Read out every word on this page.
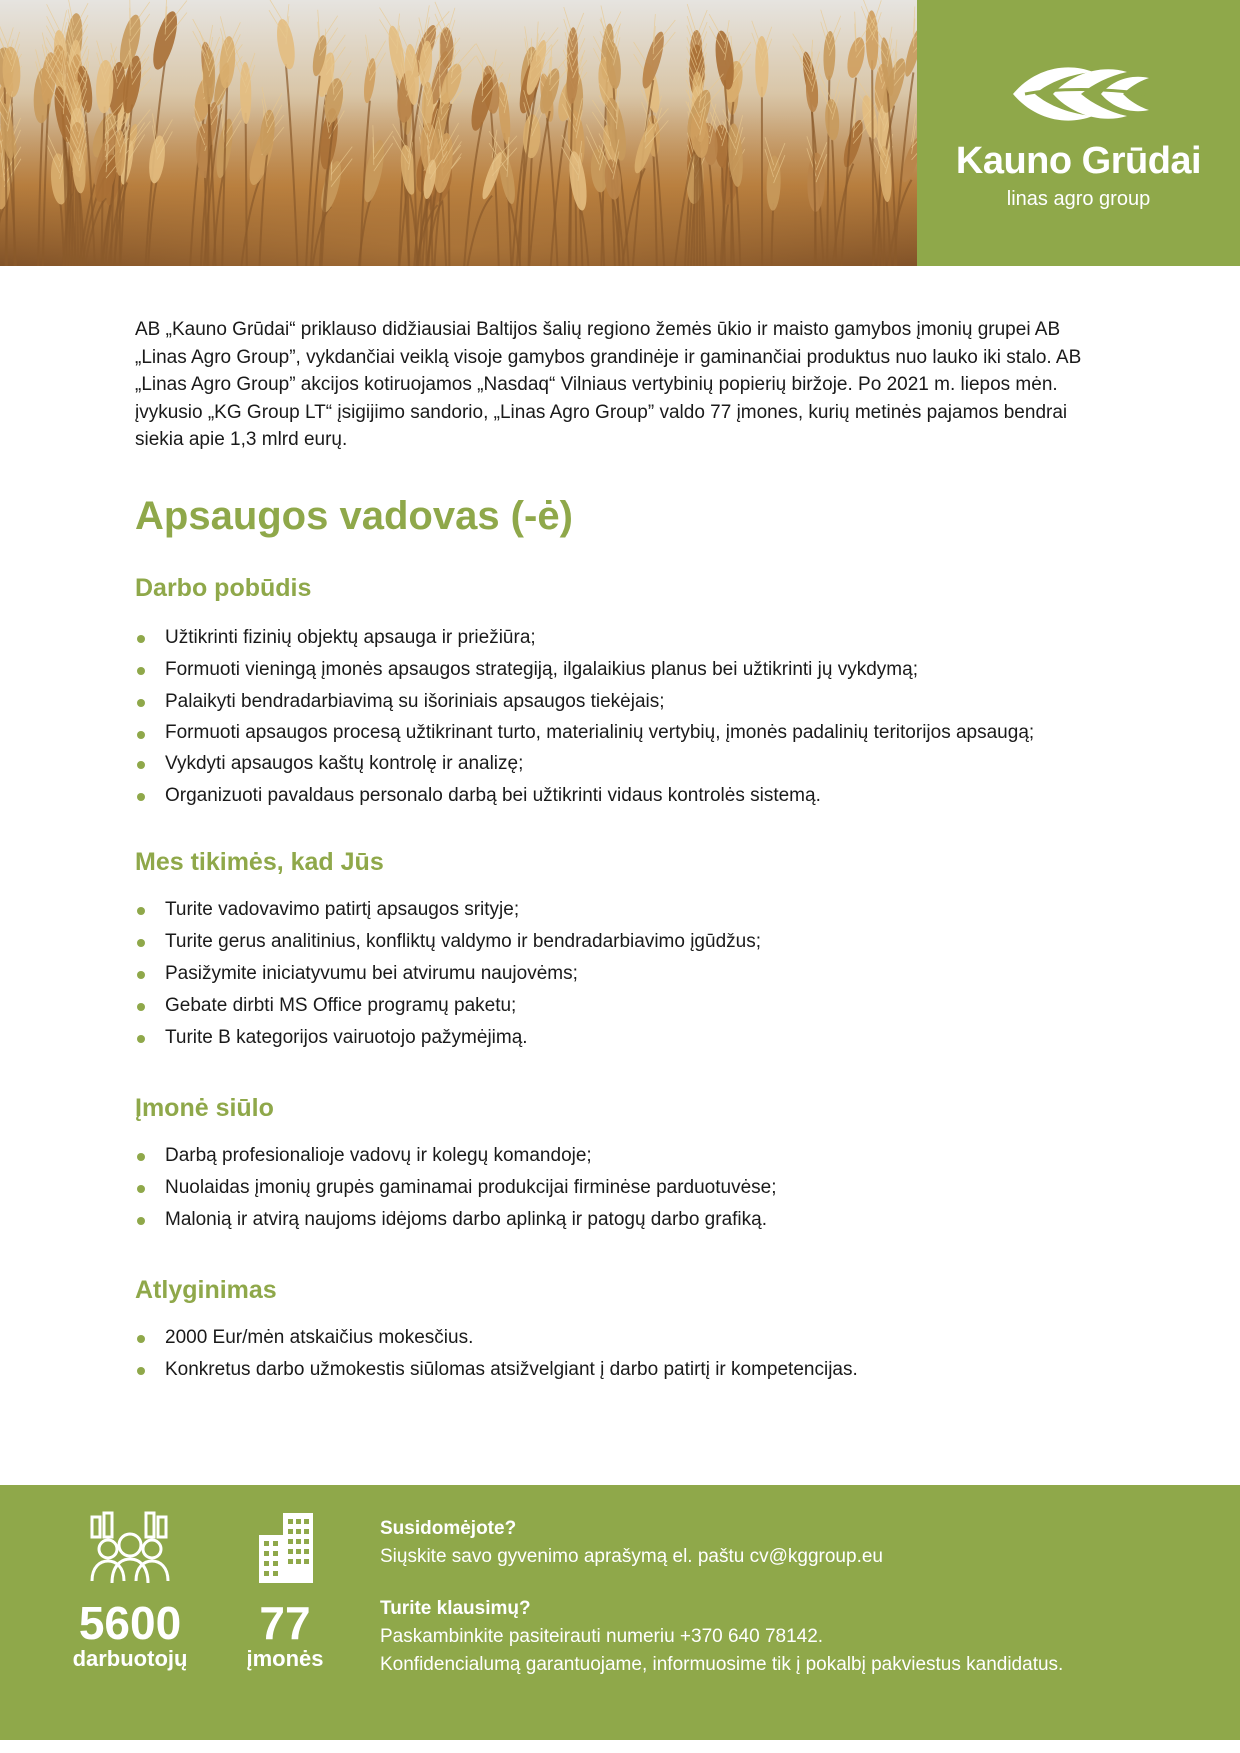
Kauno Grūdai
linas agro group

AB „Kauno Grūdai“ priklauso didžiausiai Baltijos šalių regiono žemės ūkio ir maisto gamybos įmonių grupei AB „Linas Agro Group”, vykdančiai veiklą visoje gamybos grandinėje ir gaminančiai produktus nuo lauko iki stalo. AB „Linas Agro Group” akcijos kotiruojamos „Nasdaq“ Vilniaus vertybinių popierių biržoje. Po 2021 m. liepos mėn. įvykusio „KG Group LT“ įsigijimo sandorio, „Linas Agro Group” valdo 77 įmones, kurių metinės pajamos bendrai siekia apie 1,3 mlrd eurų.

Apsaugos vadovas (-ė)
Darbo pobūdis
Užtikrinti fizinių objektų apsauga ir priežiūra;
Formuoti vieningą įmonės apsaugos strategiją, ilgalaikius planus bei užtikrinti jų vykdymą;
Palaikyti bendradarbiavimą su išoriniais apsaugos tiekėjais;
Formuoti apsaugos procesą užtikrinant turto, materialinių vertybių, įmonės padalinių teritorijos apsaugą;
Vykdyti apsaugos kaštų kontrolę ir analizę;
Organizuoti pavaldaus personalo darbą bei užtikrinti vidaus kontrolės sistemą.
Mes tikimės, kad Jūs
Turite vadovavimo patirtį apsaugos srityje;
Turite gerus analitinius, konfliktų valdymo ir bendradarbiavimo įgūdžus;
Pasižymite iniciatyvumu bei atvirumu naujovėms;
Gebate dirbti MS Office programų paketu;
Turite B kategorijos vairuotojo pažymėjimą.
Įmonė siūlo
Darbą profesionalioje vadovų ir kolegų komandoje;
Nuolaidas įmonių grupės gaminamai produkcijai firminėse parduotuvėse;
Malonią ir atvirą naujoms idėjoms darbo aplinką ir patogų darbo grafiką.
Atlyginimas
2000 Eur/mėn atskaičius mokesčius.
Konkretus darbo užmokestis siūlomas atsižvelgiant į darbo patirtį ir kompetencijas.
5600
darbuotojų
77
įmonės
Susidomėjote?
Siųskite savo gyvenimo aprašymą el. paštu cv@kggroup.eu
Turite klausimų?
Paskambinkite pasiteirauti numeriu +370 640 78142.
Konfidencialumą garantuojame, informuosime tik į pokalbį pakviestus kandidatus.
